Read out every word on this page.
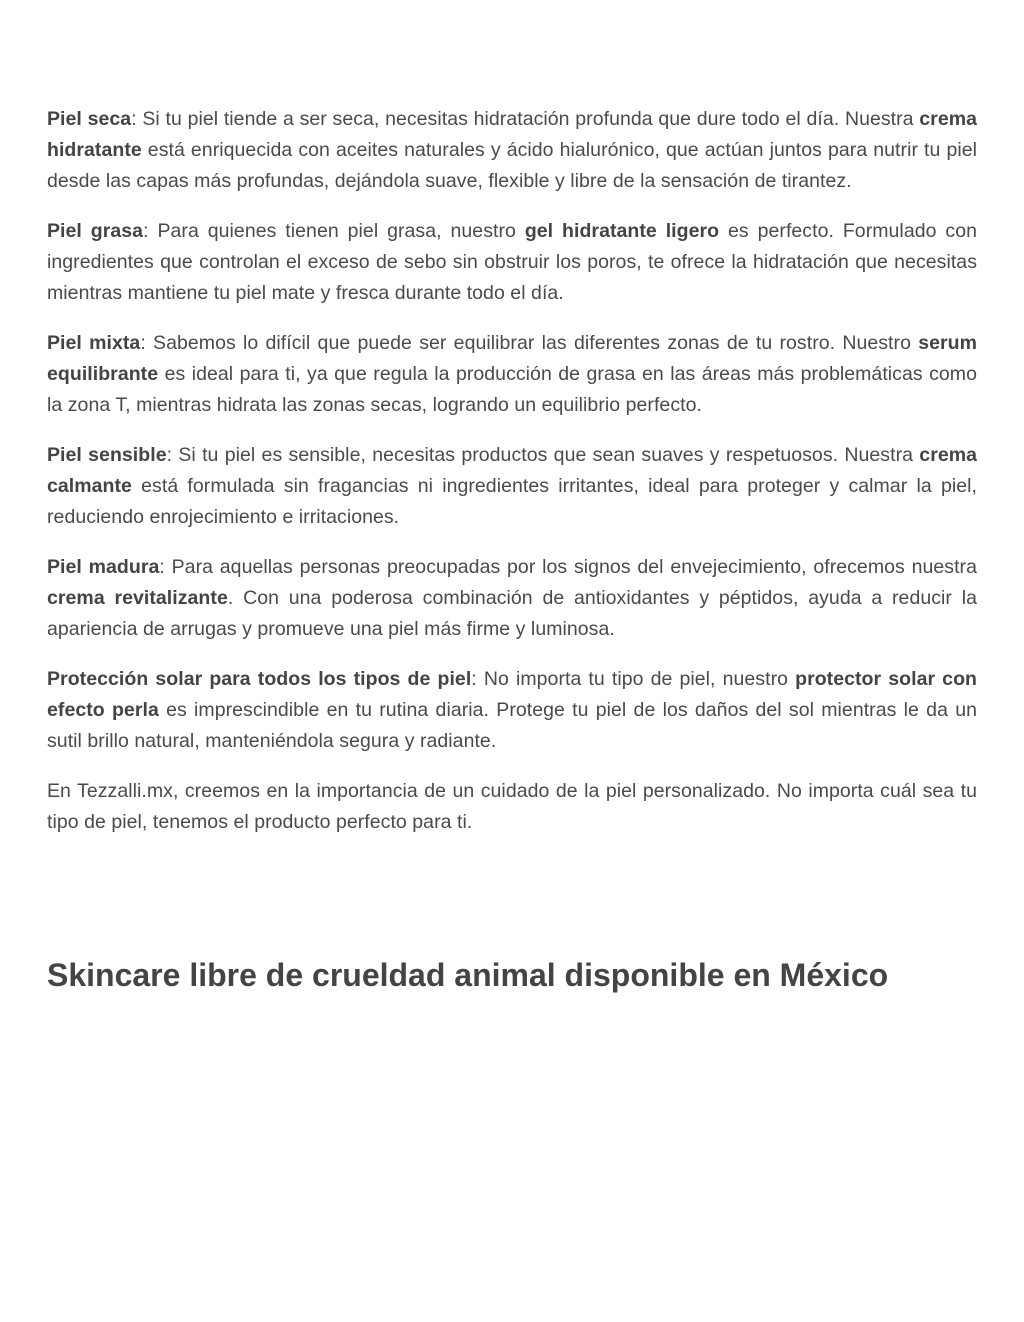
Piel seca: Si tu piel tiende a ser seca, necesitas hidratación profunda que dure todo el día. Nuestra crema hidratante está enriquecida con aceites naturales y ácido hialurónico, que actúan juntos para nutrir tu piel desde las capas más profundas, dejándola suave, flexible y libre de la sensación de tirantez.

Piel grasa: Para quienes tienen piel grasa, nuestro gel hidratante ligero es perfecto. Formulado con ingredientes que controlan el exceso de sebo sin obstruir los poros, te ofrece la hidratación que necesitas mientras mantiene tu piel mate y fresca durante todo el día.

Piel mixta: Sabemos lo difícil que puede ser equilibrar las diferentes zonas de tu rostro. Nuestro serum equilibrante es ideal para ti, ya que regula la producción de grasa en las áreas más problemáticas como la zona T, mientras hidrata las zonas secas, logrando un equilibrio perfecto.

Piel sensible: Si tu piel es sensible, necesitas productos que sean suaves y respetuosos. Nuestra crema calmante está formulada sin fragancias ni ingredientes irritantes, ideal para proteger y calmar la piel, reduciendo enrojecimiento e irritaciones.

Piel madura: Para aquellas personas preocupadas por los signos del envejecimiento, ofrecemos nuestra crema revitalizante. Con una poderosa combinación de antioxidantes y péptidos, ayuda a reducir la apariencia de arrugas y promueve una piel más firme y luminosa.

Protección solar para todos los tipos de piel: No importa tu tipo de piel, nuestro protector solar con efecto perla es imprescindible en tu rutina diaria. Protege tu piel de los daños del sol mientras le da un sutil brillo natural, manteniéndola segura y radiante.

En Tezzalli.mx, creemos en la importancia de un cuidado de la piel personalizado. No importa cuál sea tu tipo de piel, tenemos el producto perfecto para ti.

Skincare libre de crueldad animal disponible en México
